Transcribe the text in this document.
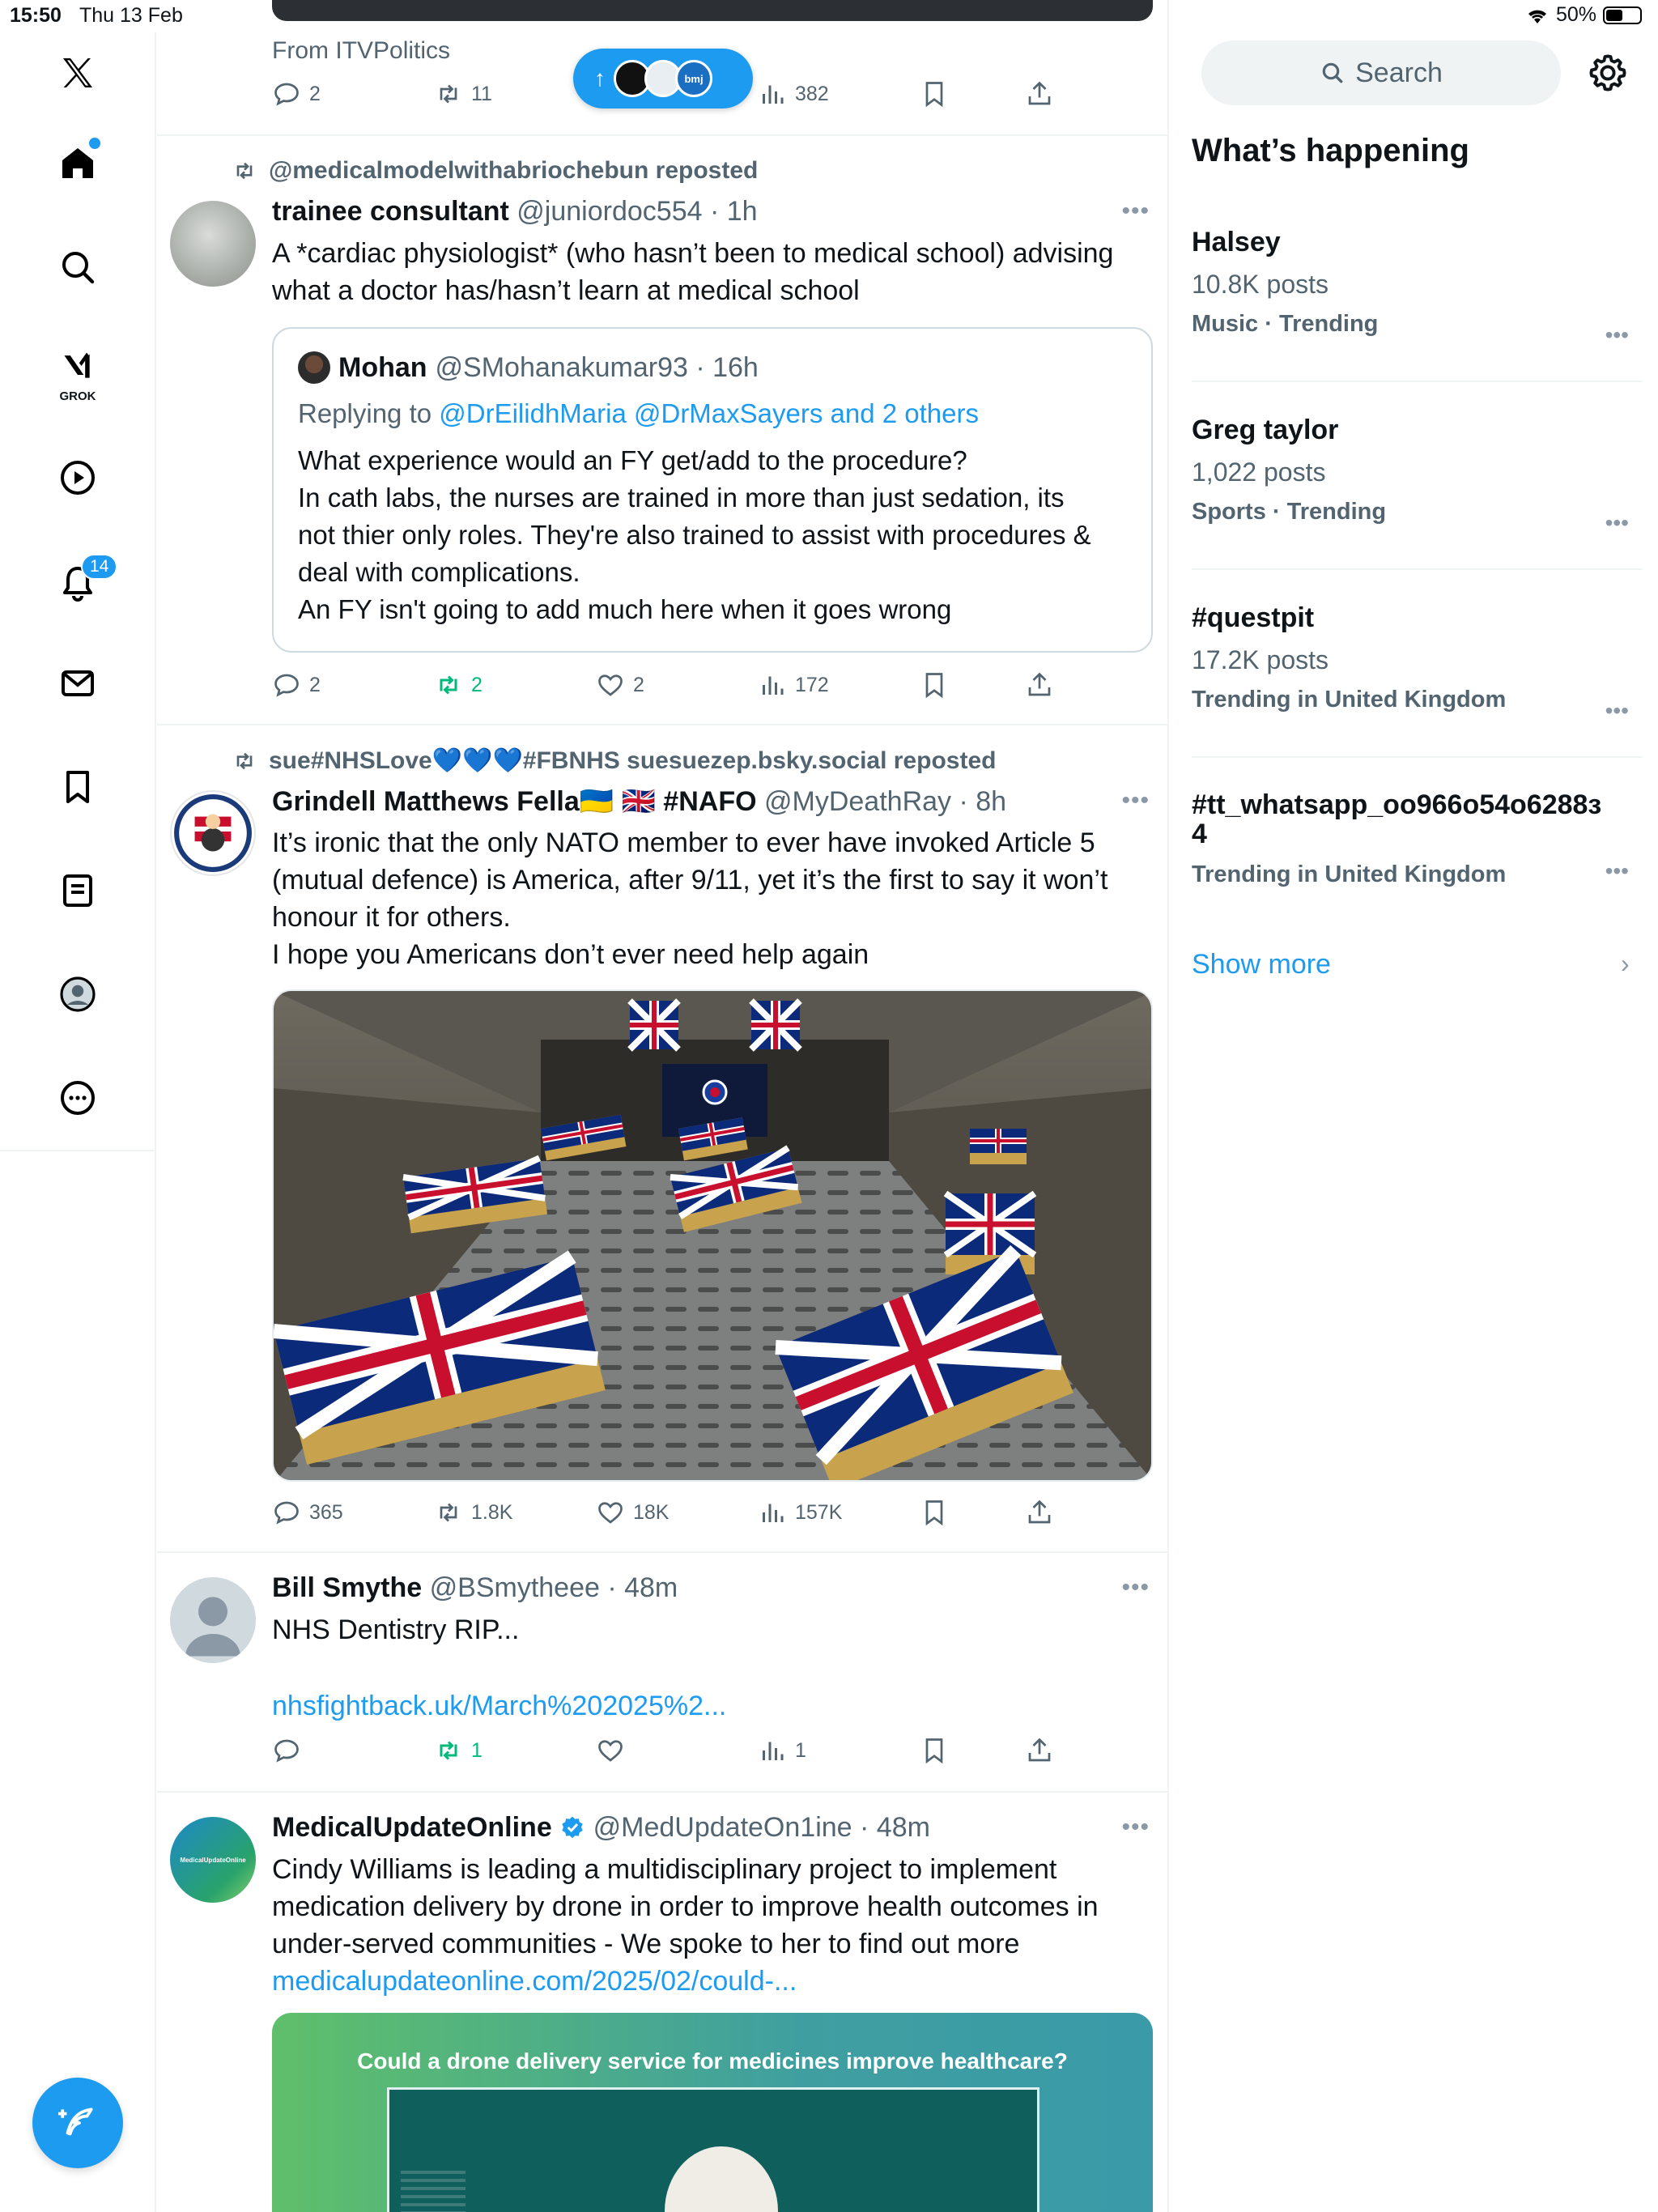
15:50 Thu 13 Feb	50%
GROK
14
From ITVPolitics
2	11	382
↑	bmj
@medicalmodelwithabriochebun reposted
trainee consultant @juniordoc554 · 1h	•••
A *cardiac physiologist* (who hasn’t been to medical school) advising
what a doctor has/hasn’t learn at medical school
Mohan @SMohanakumar93 · 16h
Replying to @DrEilidhMaria @DrMaxSayers and 2 others
What experience would an FY get/add to the procedure?
In cath labs, the nurses are trained in more than just sedation, its
not thier only roles. They're also trained to assist with procedures &
deal with complications.
An FY isn't going to add much here when it goes wrong
2	2	2	172
sue#NHSLove💙💙💙#FBNHS suesuezep.bsky.social reposted
Grindell Matthews Fella🇺🇦 🇬🇧 #NAFO @MyDeathRay · 8h	•••
It’s ironic that the only NATO member to ever have invoked Article 5
(mutual defence) is America, after 9/11, yet it’s the first to say it won’t
honour it for others.
I hope you Americans don’t ever need help again
365	1.8K	18K	157K
Bill Smythe @BSmytheee · 48m	•••
NHS Dentistry RIP...
nhsfightback.uk/March%202025%2...
1	1
MedicalUpdateOnline
MedicalUpdateOnline @MedUpdateOn1ine · 48m	•••
Cindy Williams is leading a multidisciplinary project to implement
medication delivery by drone in order to improve health outcomes in
under-served communities - We spoke to her to find out more
medicalupdateonline.com/2025/02/could-...
Could a drone delivery service for medicines improve healthcare?
Search
What’s happening
Halsey
10.8K posts
Music · Trending	•••
Greg taylor
1,022 posts
Sports · Trending	•••
#questpit
17.2K posts
Trending in United Kingdom	•••
#tt_whatsapp_oo966o54o6288з
4
Trending in United Kingdom	•••
Show more	›
